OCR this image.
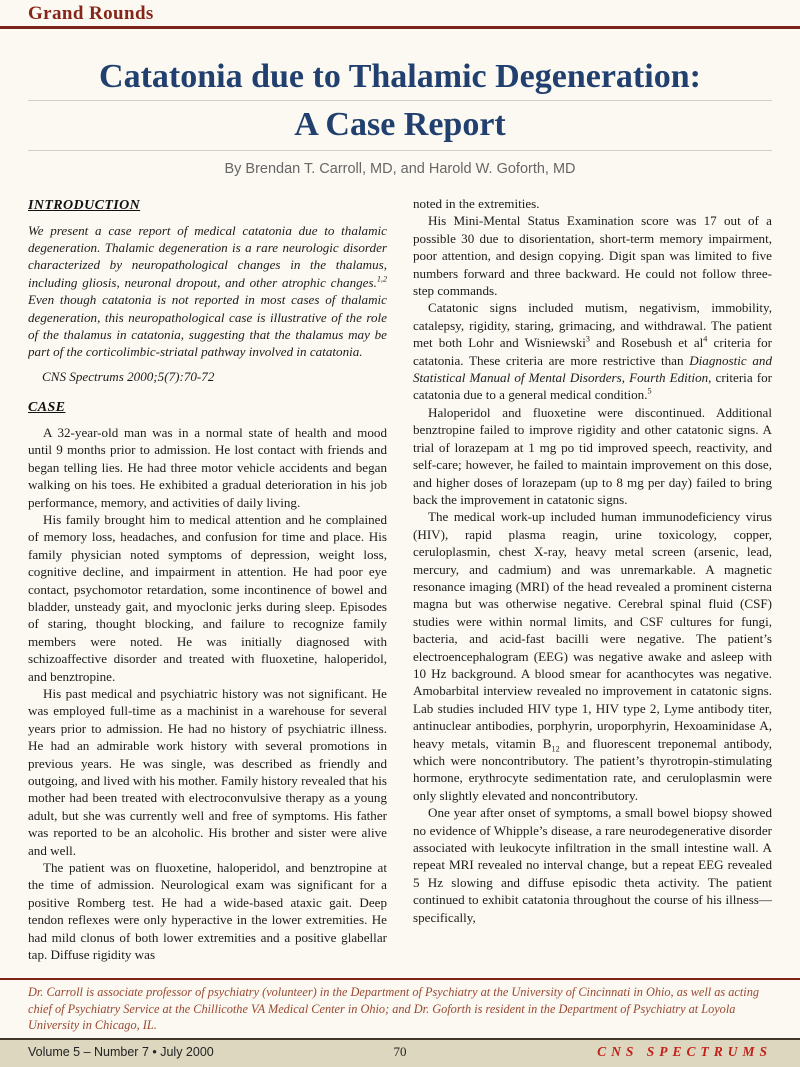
Grand Rounds
Catatonia due to Thalamic Degeneration:
A Case Report
By Brendan T. Carroll, MD, and Harold W. Goforth, MD
INTRODUCTION

We present a case report of medical catatonia due to thalamic degeneration. Thalamic degeneration is a rare neurologic disorder characterized by neuropathological changes in the thalamus, including gliosis, neuronal dropout, and other atrophic changes.$^{1,2}$ Even though catatonia is not reported in most cases of thalamic degeneration, this neuropathological case is illustrative of the role of the thalamus in catatonia, suggesting that the thalamus may be part of the corticolimbic-striatal pathway involved in catatonia.

CNS Spectrums 2000;5(7):70-72

CASE

A 32-year-old man was in a normal state of health and mood until 9 months prior to admission. He lost contact with friends and began telling lies. He had three motor vehicle accidents and began walking on his toes. He exhibited a gradual deterioration in his job performance, memory, and activities of daily living.

His family brought him to medical attention and he complained of memory loss, headaches, and confusion for time and place. His family physician noted symptoms of depression, weight loss, cognitive decline, and impairment in attention. He had poor eye contact, psychomotor retardation, some incontinence of bowel and bladder, unsteady gait, and myoclonic jerks during sleep. Episodes of staring, thought blocking, and failure to recognize family members were noted. He was initially diagnosed with schizoaffective disorder and treated with fluoxetine, haloperidol, and benztropine.

His past medical and psychiatric history was not significant. He was employed full-time as a machinist in a warehouse for several years prior to admission. He had no history of psychiatric illness. He had an admirable work history with several promotions in previous years. He was single, was described as friendly and outgoing, and lived with his mother. Family history revealed that his mother had been treated with electroconvulsive therapy as a young adult, but she was currently well and free of symptoms. His father was reported to be an alcoholic. His brother and sister were alive and well.

The patient was on fluoxetine, haloperidol, and benztropine at the time of admission. Neurological exam was significant for a positive Romberg test. He had a wide-based ataxic gait. Deep tendon reflexes were only hyperactive in the lower extremities. He had mild clonus of both lower extremities and a positive glabellar tap. Diffuse rigidity was

noted in the extremities.

His Mini-Mental Status Examination score was 17 out of a possible 30 due to disorientation, short-term memory impairment, poor attention, and design copying. Digit span was limited to five numbers forward and three backward. He could not follow three-step commands.

Catatonic signs included mutism, negativism, immobility, catalepsy, rigidity, staring, grimacing, and withdrawal. The patient met both Lohr and Wisniewski$^3$ and Rosebush et $al^4$ criteria for catatonia. These criteria are more restrictive than Diagnostic and Statistical Manual of Mental Disorders, Fourth Edition, criteria for catatonia due to a general medical condition.$^5$

Haloperidol and fluoxetine were discontinued. Additional benztropine failed to improve rigidity and other catatonic signs. A trial of lorazepam at 1 mg po tid improved speech, reactivity, and self-care; however, he failed to maintain improvement on this dose, and higher doses of lorazepam (up to 8 mg per day) failed to bring back the improvement in catatonic signs.

The medical work-up included human immunodeficiency virus (HIV), rapid plasma reagin, urine toxicology, copper, ceruloplasmin, chest X-ray, heavy metal screen (arsenic, lead, mercury, and cadmium) and was unremarkable. A magnetic resonance imaging (MRI) of the head revealed a prominent cisterna magna but was otherwise negative. Cerebral spinal fluid (CSF) studies were within normal limits, and CSF cultures for fungi, bacteria, and acid-fast bacilli were negative. The patient’s electroencephalogram (EEG) was negative awake and asleep with 10 Hz background. A blood smear for acanthocytes was negative. Amobarbital interview revealed no improvement in catatonic signs. Lab studies included HIV type 1, HIV type 2, Lyme antibody titer, antinuclear antibodies, porphyrin, uroporphyrin, Hexoaminidase A, heavy metals, vitamin $B_{12}$ and fluorescent treponemal antibody, which were noncontributory. The patient’s thyrotropin-stimulating hormone, erythrocyte sedimentation rate, and ceruloplasmin were only slightly elevated and noncontributory.

One year after onset of symptoms, a small bowel biopsy showed no evidence of Whipple’s disease, a rare neurodegenerative disorder associated with leukocyte infiltration in the small intestine wall. A repeat MRI revealed no interval change, but a repeat EEG revealed 5 Hz slowing and diffuse episodic theta activity. The patient continued to exhibit catatonia throughout the course of his illness—specifically,

Dr. Carroll is associate professor of psychiatry (volunteer) in the Department of Psychiatry at the University of Cincinnati in Ohio, as well as acting chief of Psychiatry Service at the Chillicothe VA Medical Center in Ohio; and Dr. Goforth is resident in the Department of Psychiatry at Loyola University in Chicago, IL.
Volume 5 – Number 7 • July 2000	70	CNS SPECTRUMS
